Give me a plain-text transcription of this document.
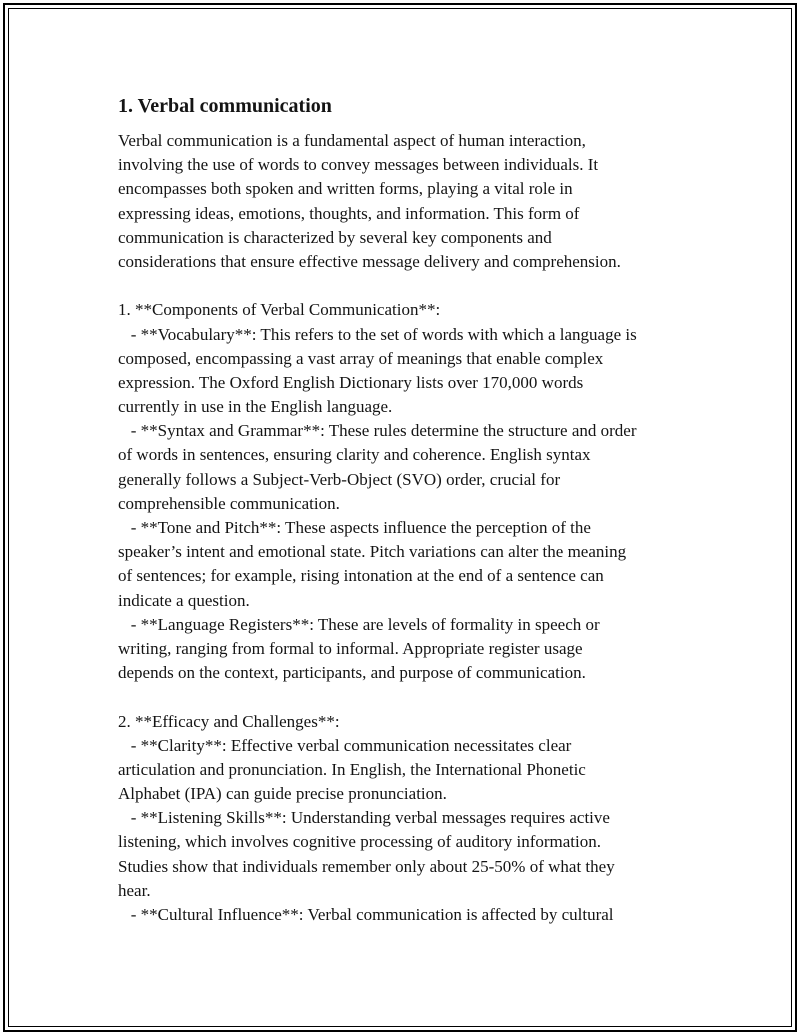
1. Verbal communication
Verbal communication is a fundamental aspect of human interaction,
involving the use of words to convey messages between individuals. It
encompasses both spoken and written forms, playing a vital role in
expressing ideas, emotions, thoughts, and information. This form of
communication is characterized by several key components and
considerations that ensure effective message delivery and comprehension.
1. **Components of Verbal Communication**:
- **Vocabulary**: This refers to the set of words with which a language is
composed, encompassing a vast array of meanings that enable complex
expression. The Oxford English Dictionary lists over 170,000 words
currently in use in the English language.
- **Syntax and Grammar**: These rules determine the structure and order
of words in sentences, ensuring clarity and coherence. English syntax
generally follows a Subject-Verb-Object (SVO) order, crucial for
comprehensible communication.
- **Tone and Pitch**: These aspects influence the perception of the
speaker’s intent and emotional state. Pitch variations can alter the meaning
of sentences; for example, rising intonation at the end of a sentence can
indicate a question.
- **Language Registers**: These are levels of formality in speech or
writing, ranging from formal to informal. Appropriate register usage
depends on the context, participants, and purpose of communication.
2. **Efficacy and Challenges**:
- **Clarity**: Effective verbal communication necessitates clear
articulation and pronunciation. In English, the International Phonetic
Alphabet (IPA) can guide precise pronunciation.
- **Listening Skills**: Understanding verbal messages requires active
listening, which involves cognitive processing of auditory information.
Studies show that individuals remember only about 25-50% of what they
hear.
- **Cultural Influence**: Verbal communication is affected by cultural
